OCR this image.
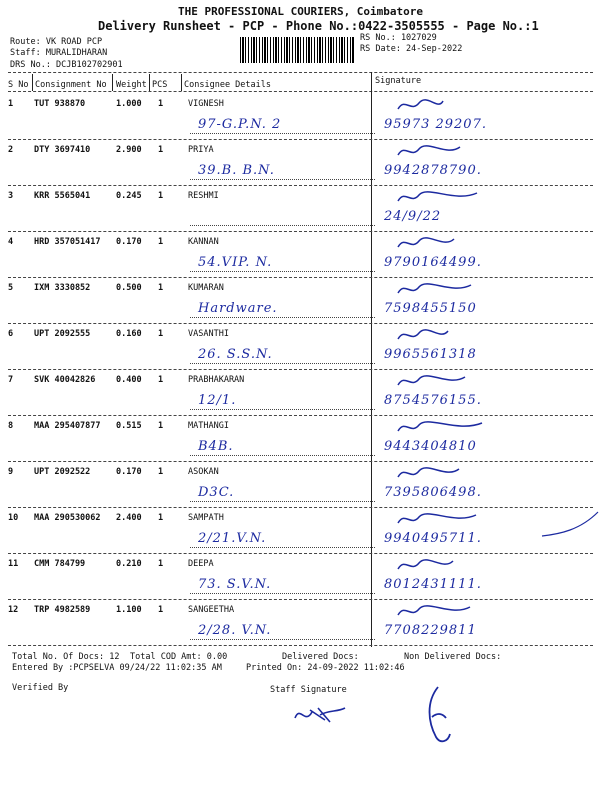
THE PROFESSIONAL COURIERS, Coimbatore
Delivery Runsheet - PCP - Phone No.:0422-3505555 - Page No.:1
Route: VK ROAD PCP
Staff: MURALIDHARAN
DRS No.: DCJB102702901
RS No.: 1027029
RS Date: 24-Sep-2022
S No Consignment No Weight PCS Consignee Details	Signature
1 TUT 938870	1.000 1	VIGNESH
97-G.P.N. 2	95973 29207.
2 DTY 3697410	2.900 1	PRIYA
39.B. B.N.	9942878790.
3 KRR 5565041	0.245 1	RESHMI
24/9/22
4 HRD 357051417 0.170 1	KANNAN
54.VIP. N.	9790164499.
5 IXM 3330852	0.500 1	KUMARAN
Hardware.	7598455150
6 UPT 2092555	0.160 1	VASANTHI
26. S.S.N.	9965561318
7 SVK 40042826 0.400 1	PRABHAKARAN
12/1.	8754576155.
8 MAA 295407877 0.515 1	MATHANGI
B4B.	9443404810
9 UPT 2092522	0.170 1	ASOKAN
D3C.	7395806498.
10 MAA 290530062 2.400 1	SAMPATH
2/21.V.N.	9940495711.
11 CMM 784799	0.210 1	DEEPA
73. S.V.N.	8012431111.
12 TRP 4982589	1.100 1	SANGEETHA
2/28. V.N.	7708229811
Total No. Of Docs: 12 Total COD Amt: 0.00	Delivered Docs:	Non Delivered Docs:
Entered By :PCPSELVA 09/24/22 11:02:35 AM	Printed On: 24-09-2022 11:02:46
Verified By	Staff Signature
